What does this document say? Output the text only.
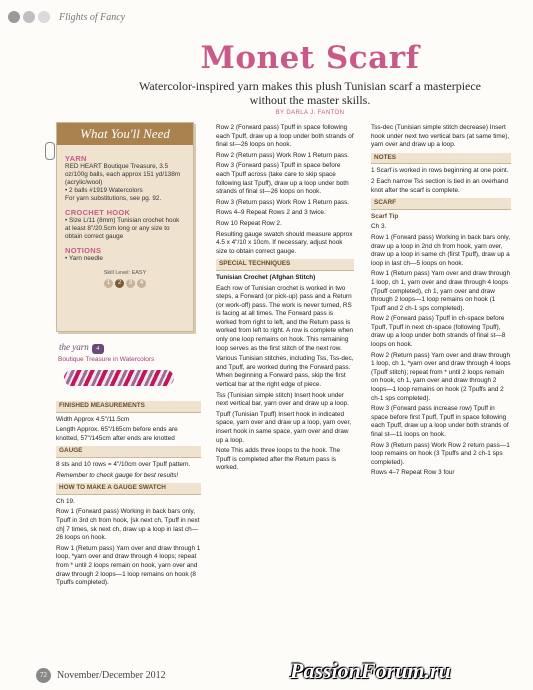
Flights of Fancy
Monet Scarf
Watercolor-inspired yarn makes this plush Tunisian scarf a masterpiece without the master skills.
BY DARLA J. FANTON
What You'll Need
YARN
RED HEART Boutique Treasure, 3.5 oz/100g balls, each approx 151 yd/138m (acrylic/wool)
• 2 balls #1919 Watercolors
For yarn substitutions, see pg. 92.
CROCHET HOOK
• Size L/11 (8mm) Tunisian crochet hook at least 8"/20.5cm long or any size to obtain correct gauge
NOTIONS
• Yarn needle
Skill Level: EASY
1	2	3	4
the yarn 4
Boutique Treasure in Watercolors
FINISHED MEASUREMENTS

Width Approx 4.5"/11.5cm

Length Approx. 65"/165cm before ends are knotted, 57"/145cm after ends are knotted

GAUGE

8 sts and 10 rows = 4"/10cm over Tpuff pattern.

Remember to check gauge for best results!

HOW TO MAKE A GAUGE SWATCH

Ch 19.

Row 1 (Forward pass) Working in back bars only, Tpuff in 3rd ch from hook, [sk next ch, Tpuff in next ch] 7 times, sk next ch, draw up a loop in last ch—26 loops on hook.

Row 1 (Return pass) Yarn over and draw through 1 loop, *yarn over and draw through 4 loops; repeat from * until 2 loops remain on hook, yarn over and draw through 2 loops—1 loop remains on hook (8 Tpuffs completed).

Row 2 (Forward pass) Tpuff in space following each Tpuff, draw up a loop under both strands of final st—26 loops on hook.

Row 2 (Return pass) Work Row 1 Return pass.

Row 3 (Forward pass) Tpuff in space before each Tpuff across (take care to skip space following last Tpuff), draw up a loop under both strands of final st—26 loops on hook.

Row 3 (Return pass) Work Row 1 Return pass.

Rows 4–9 Repeat Rows 2 and 3 twice.

Row 10 Repeat Row 2.

Resulting gauge swatch should measure approx 4.5 x 4"/10 x 10cm. If necessary, adjust hook size to obtain correct gauge.

SPECIAL TECHNIQUES

Tunisian Crochet (Afghan Stitch)

Each row of Tunisian crochet is worked in two steps, a Forward (or pick-up) pass and a Return (or work-off) pass. The work is never turned, RS is facing at all times. The Forward pass is worked from right to left, and the Return pass is worked from left to right. A row is complete when only one loop remains on hook. This remaining loop serves as the first stitch of the next row.

Various Tunisian stitches, including Tss, Tss-dec, and Tpuff, are worked during the Forward pass. When beginning a Forward pass, skip the first vertical bar at the right edge of piece.

Tss (Tunisian simple stitch) Insert hook under next vertical bar, yarn over and draw up a loop.

Tpuff (Tunisian Tpuff) Insert hook in indicated space, yarn over and draw up a loop, yarn over, insert hook in same space, yarn over and draw up a loop.

Note This adds three loops to the hook. The Tpuff is completed after the Return pass is worked.

Tss-dec (Tunisian simple stitch decrease) Insert hook under next two vertical bars (at same time), yarn over and draw up a loop.

NOTES

1 Scarf is worked in rows beginning at one point.

2 Each narrow Tss section is tied in an overhand knot after the scarf is complete.

SCARF
Scarf Tip

Ch 3.

Row 1 (Forward pass) Working in back bars only, draw up a loop in 2nd ch from hook, yarn over, draw up a loop in same ch (first Tpuff), draw up a loop in last ch—5 loops on hook.

Row 1 (Return pass) Yarn over and draw through 1 loop, ch 1, yarn over and draw through 4 loops (Tpuff completed), ch 1, yarn over and draw through 2 loops—1 loop remains on hook (1 Tpuff and 2 ch-1 sps completed).

Row 2 (Forward pass) Tpuff in ch-space before Tpuff, Tpuff in next ch-space (following Tpuff), draw up a loop under both strands of final st—8 loops on hook.

Row 2 (Return pass) Yarn over and draw through 1 loop, ch 1, *yarn over and draw through 4 loops (Tpuff stitch); repeat from * until 2 loops remain on hook, ch 1, yarn over and draw through 2 loops—1 loop remains on hook (2 Tpuffs and 2 ch-1 sps completed).

Row 3 (Forward pass increase row) Tpuff in space before first Tpuff, Tpuff in space following each Tpuff, draw up a loop under both strands of final st—11 loops on hook.

Row 3 (Return pass) Work Row 2 return pass—1 loop remains on hook (3 Tpuffs and 2 ch-1 sps completed).

Rows 4–7 Repeat Row 3 four

72	November/December 2012	PassionForum.ru
